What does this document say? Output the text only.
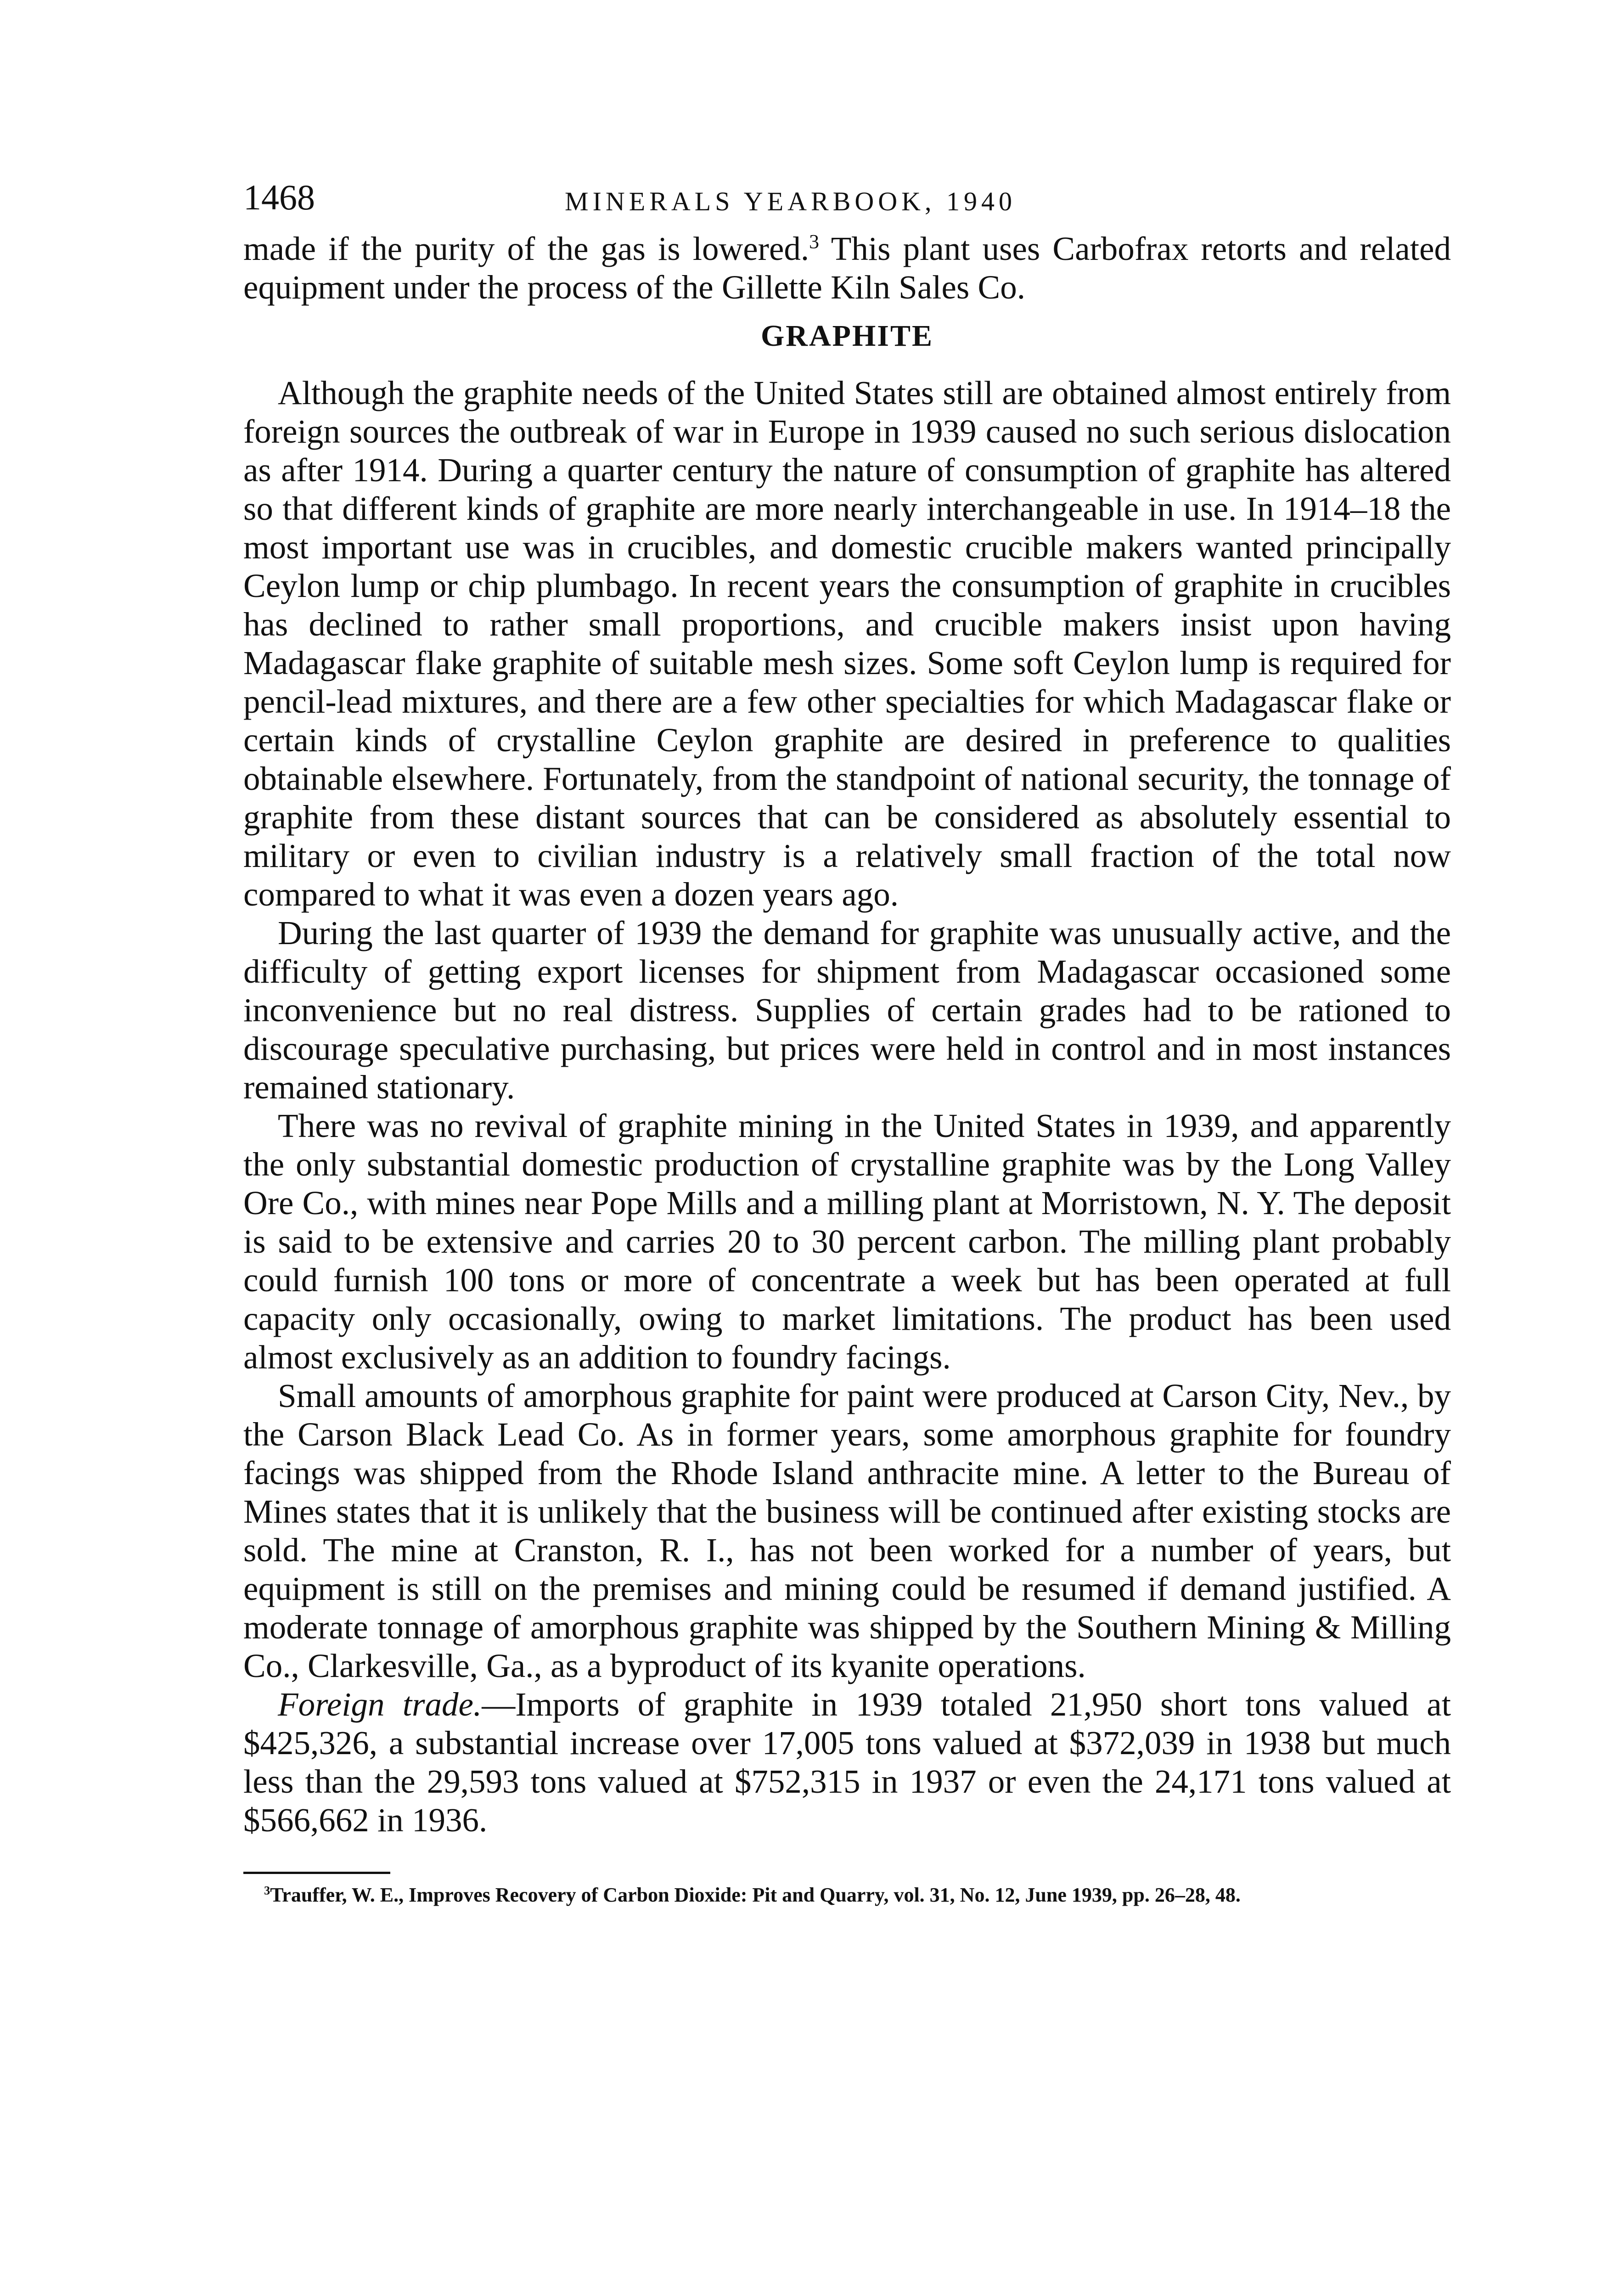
1468	MINERALS YEARBOOK, 1940

made if the purity of the gas is lowered.$^3$ This plant uses Carbofrax retorts and related equipment under the process of the Gillette Kiln Sales Co.

GRAPHITE

Although the graphite needs of the United States still are obtained almost entirely from foreign sources the outbreak of war in Europe in 1939 caused no such serious dislocation as after 1914. During a quarter century the nature of consumption of graphite has altered so that different kinds of graphite are more nearly interchangeable in use. In 1914–18 the most important use was in crucibles, and domestic crucible makers wanted principally Ceylon lump or chip plumbago. In recent years the consumption of graphite in crucibles has declined to rather small proportions, and crucible makers insist upon having Madagascar flake graphite of suitable mesh sizes. Some soft Ceylon lump is required for pencil-lead mixtures, and there are a few other specialties for which Madagascar flake or certain kinds of crystalline Ceylon graphite are desired in preference to qualities obtainable elsewhere. Fortunately, from the standpoint of national security, the tonnage of graphite from these distant sources that can be considered as absolutely essential to military or even to civilian industry is a relatively small fraction of the total now compared to what it was even a dozen years ago.

During the last quarter of 1939 the demand for graphite was unusually active, and the difficulty of getting export licenses for shipment from Madagascar occasioned some inconvenience but no real distress. Supplies of certain grades had to be rationed to discourage speculative purchasing, but prices were held in control and in most instances remained stationary.

There was no revival of graphite mining in the United States in 1939, and apparently the only substantial domestic production of crystalline graphite was by the Long Valley Ore Co., with mines near Pope Mills and a milling plant at Morristown, N. Y. The deposit is said to be extensive and carries 20 to 30 percent carbon. The milling plant probably could furnish 100 tons or more of concentrate a week but has been operated at full capacity only occasionally, owing to market limitations. The product has been used almost exclusively as an addition to foundry facings.

Small amounts of amorphous graphite for paint were produced at Carson City, Nev., by the Carson Black Lead Co. As in former years, some amorphous graphite for foundry facings was shipped from the Rhode Island anthracite mine. A letter to the Bureau of Mines states that it is unlikely that the business will be continued after existing stocks are sold. The mine at Cranston, R. I., has not been worked for a number of years, but equipment is still on the premises and mining could be resumed if demand justified. A moderate tonnage of amorphous graphite was shipped by the Southern Mining & Milling Co., Clarkesville, Ga., as a byproduct of its kyanite operations.

Foreign trade.—Imports of graphite in 1939 totaled 21,950 short tons valued at $425,326, a substantial increase over 17,005 tons valued at $372,039 in 1938 but much less than the 29,593 tons valued at $752,315 in 1937 or even the 24,171 tons valued at $566,662 in 1936.

$^3$Trauffer, W. E., Improves Recovery of Carbon Dioxide: Pit and Quarry, vol. 31, No. 12, June 1939, pp. 26–28, 48.
